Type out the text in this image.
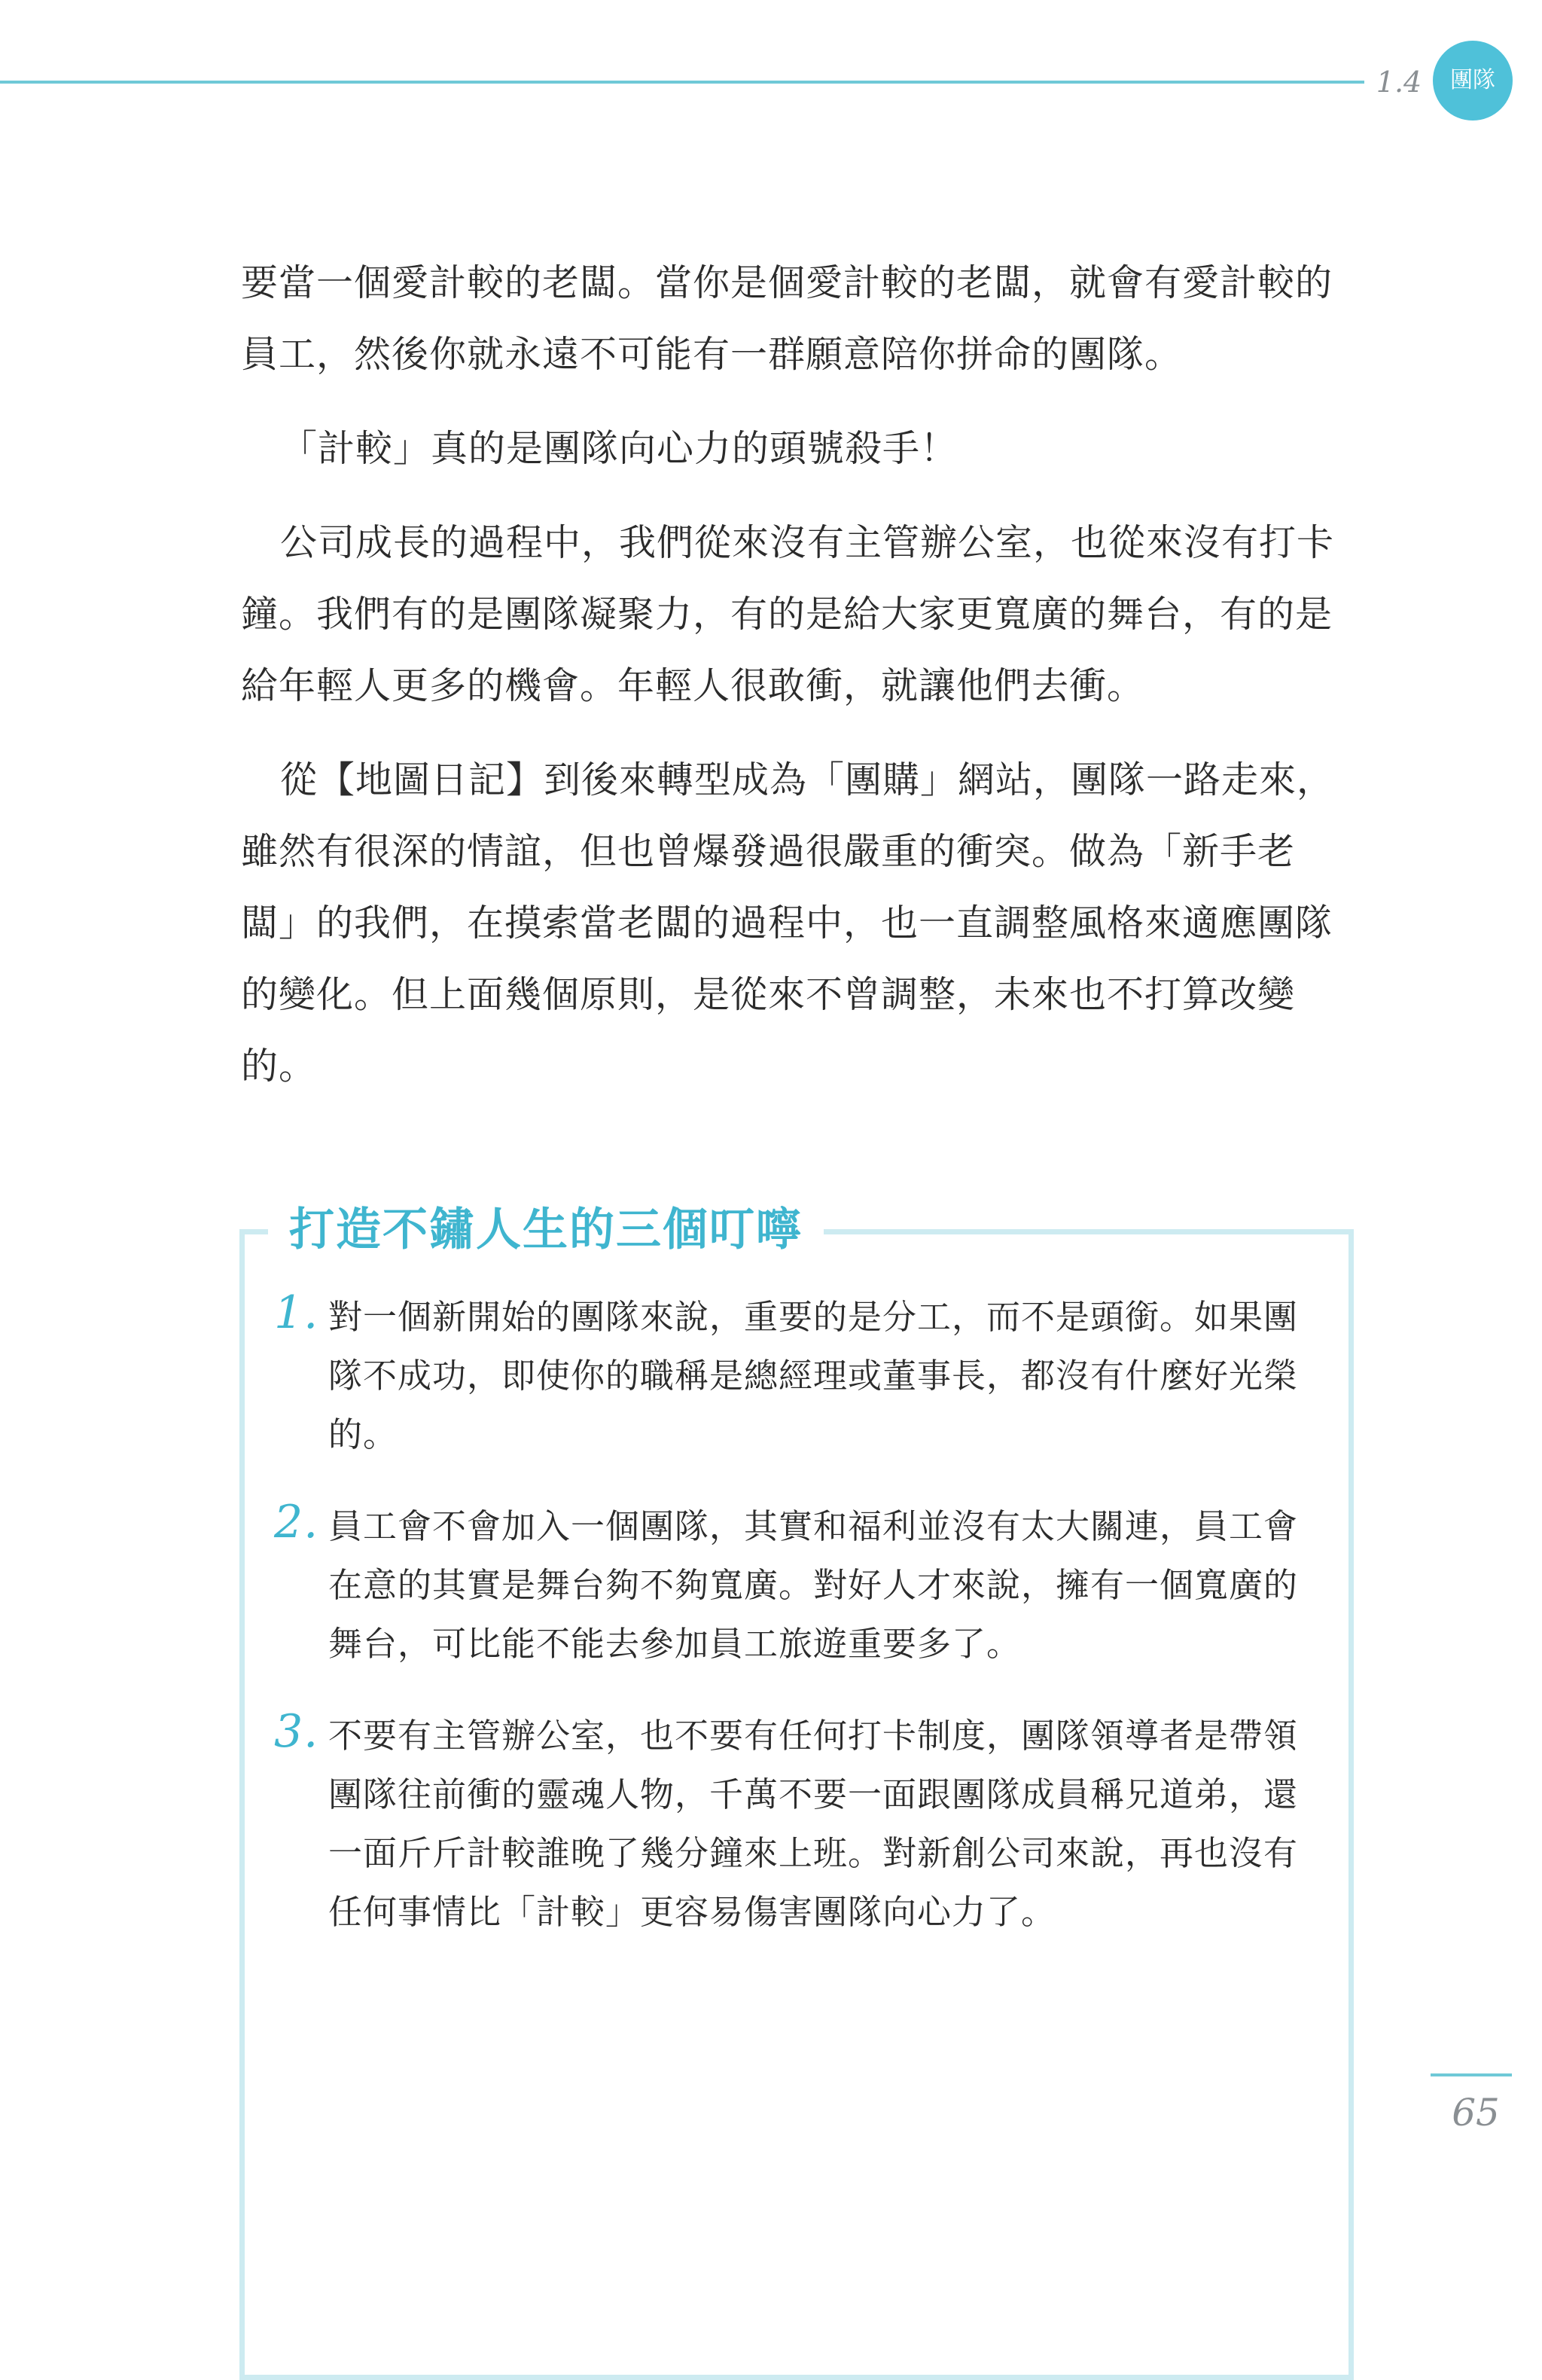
1.4	團隊

要當一個愛計較的老闆。當你是個愛計較的老闆，就會有愛計較的員工，然後你就永遠不可能有一群願意陪你拼命的團隊。

「計較」真的是團隊向心力的頭號殺手！

公司成長的過程中，我們從來沒有主管辦公室，也從來沒有打卡鐘。我們有的是團隊凝聚力，有的是給大家更寬廣的舞台，有的是給年輕人更多的機會。年輕人很敢衝，就讓他們去衝。

從【地圖日記】到後來轉型成為「團購」網站，團隊一路走來，雖然有很深的情誼，但也曾爆發過很嚴重的衝突。做為「新手老闆」的我們，在摸索當老闆的過程中，也一直調整風格來適應團隊的變化。但上面幾個原則，是從來不曾調整，未來也不打算改變的。

打造不鏽人生的三個叮嚀
1. 對一個新開始的團隊來說，重要的是分工，而不是頭銜。如果團隊不成功，即使你的職稱是總經理或董事長，都沒有什麼好光榮的。
2. 員工會不會加入一個團隊，其實和福利並沒有太大關連，員工會在意的其實是舞台夠不夠寬廣。對好人才來說，擁有一個寬廣的舞台，可比能不能去參加員工旅遊重要多了。
3. 不要有主管辦公室，也不要有任何打卡制度，團隊領導者是帶領團隊往前衝的靈魂人物，千萬不要一面跟團隊成員稱兄道弟，還一面斤斤計較誰晚了幾分鐘來上班。對新創公司來說，再也沒有任何事情比「計較」更容易傷害團隊向心力了。
65
